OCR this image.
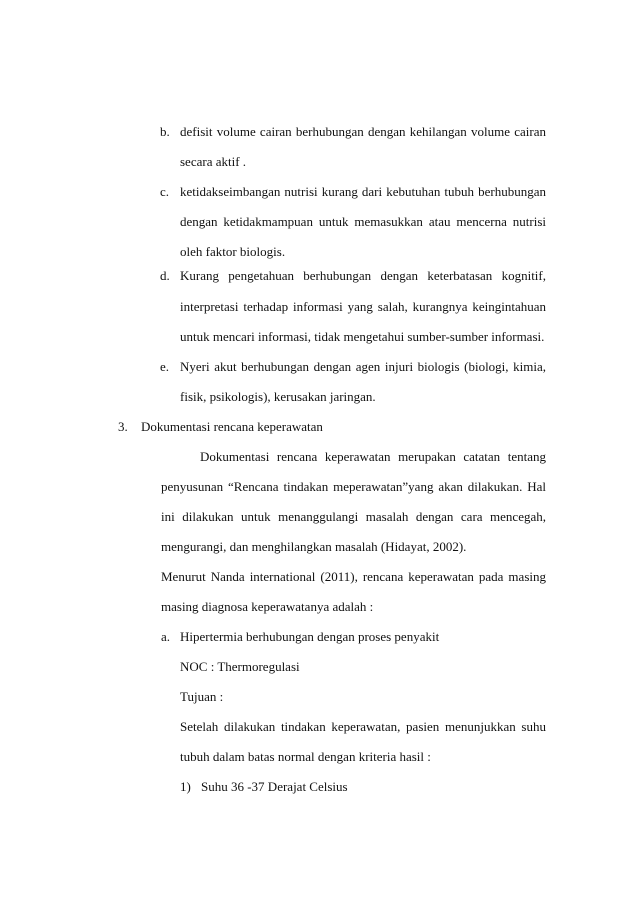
b. defisit volume cairan berhubungan dengan kehilangan volume cairan
secara aktif .
c. ketidakseimbangan nutrisi kurang dari kebutuhan tubuh berhubungan
dengan ketidakmampuan untuk memasukkan atau mencerna nutrisi
oleh faktor biologis.
d. Kurang pengetahuan berhubungan dengan keterbatasan kognitif,
interpretasi terhadap informasi yang salah, kurangnya keingintahuan
untuk mencari informasi, tidak mengetahui sumber-sumber informasi.
e. Nyeri akut berhubungan dengan agen injuri biologis (biologi, kimia,
fisik, psikologis), kerusakan jaringan.
3. Dokumentasi rencana keperawatan
Dokumentasi rencana keperawatan merupakan catatan tentang
penyusunan “Rencana tindakan meperawatan”yang akan dilakukan. Hal
ini dilakukan untuk menanggulangi masalah dengan cara mencegah,
mengurangi, dan menghilangkan masalah (Hidayat, 2002).
Menurut Nanda international (2011), rencana keperawatan pada masing
masing diagnosa keperawatanya adalah :
a. Hipertermia berhubungan dengan proses penyakit
NOC : Thermoregulasi
Tujuan :
Setelah dilakukan tindakan keperawatan, pasien menunjukkan suhu
tubuh dalam batas normal dengan kriteria hasil :
1) Suhu 36 -37 Derajat Celsius
